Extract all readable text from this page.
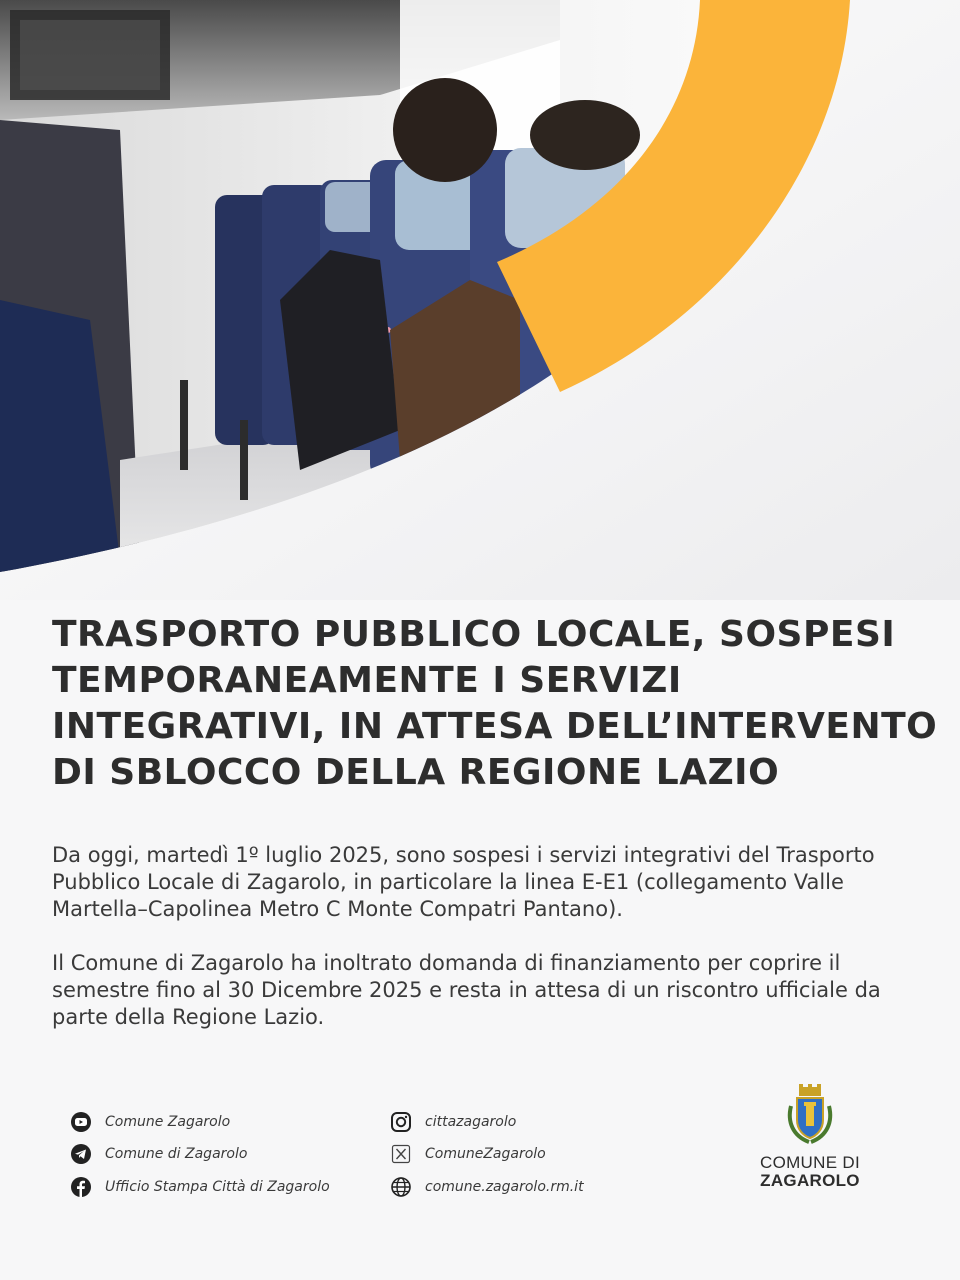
TRASPORTO PUBBLICO LOCALE, SOSPESI
TEMPORANEAMENTE I SERVIZI
INTEGRATIVI, IN ATTESA DELL’INTERVENTO
DI SBLOCCO DELLA REGIONE LAZIO

Da oggi, martedì 1º luglio 2025, sono sospesi i servizi integrativi del Trasporto Pubblico Locale di Zagarolo, in particolare la linea E-E1 (collegamento Valle Martella–Capolinea Metro C Monte Compatri Pantano).

Il Comune di Zagarolo ha inoltrato domanda di finanziamento per coprire il semestre fino al 30 Dicembre 2025 e resta in attesa di un riscontro ufficiale da parte della Regione Lazio.

Comune Zagarolo
Comune di Zagarolo
Ufficio Stampa Città di Zagarolo
cittazagarolo
ComuneZagarolo
comune.zagarolo.rm.it
COMUNE DI
ZAGAROLO
